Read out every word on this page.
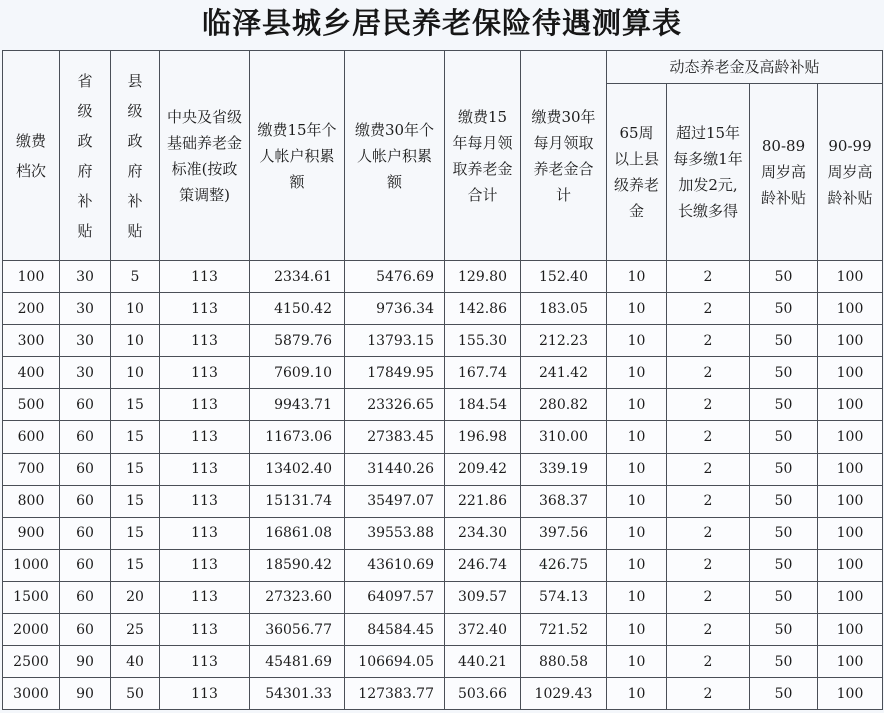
临泽县城乡居民养老保险待遇测算表
缴费档次	省级政府补贴	县级政府补贴	中央及省级基础养老金标准(按政策调整)	缴费15年个人帐户积累额	缴费30年个人帐户积累额	缴费15年每月领取养老金合计	缴费30年每月领取养老金合计	动态养老金及高龄补贴			
								65周以上县级养老金	超过15年每多缴1年加发2元,长缴多得	80-89周岁高龄补贴	90-99周岁高龄补贴
100	30	5	113	2334.61	5476.69	129.80	152.40	10	2	50	100
200	30	10	113	4150.42	9736.34	142.86	183.05	10	2	50	100
300	30	10	113	5879.76	13793.15	155.30	212.23	10	2	50	100
400	30	10	113	7609.10	17849.95	167.74	241.42	10	2	50	100
500	60	15	113	9943.71	23326.65	184.54	280.82	10	2	50	100
600	60	15	113	11673.06	27383.45	196.98	310.00	10	2	50	100
700	60	15	113	13402.40	31440.26	209.42	339.19	10	2	50	100
800	60	15	113	15131.74	35497.07	221.86	368.37	10	2	50	100
900	60	15	113	16861.08	39553.88	234.30	397.56	10	2	50	100
1000	60	15	113	18590.42	43610.69	246.74	426.75	10	2	50	100
1500	60	20	113	27323.60	64097.57	309.57	574.13	10	2	50	100
2000	60	25	113	36056.77	84584.45	372.40	721.52	10	2	50	100
2500	90	40	113	45481.69	106694.05	440.21	880.58	10	2	50	100
3000	90	50	113	54301.33	127383.77	503.66	1029.43	10	2	50	100
